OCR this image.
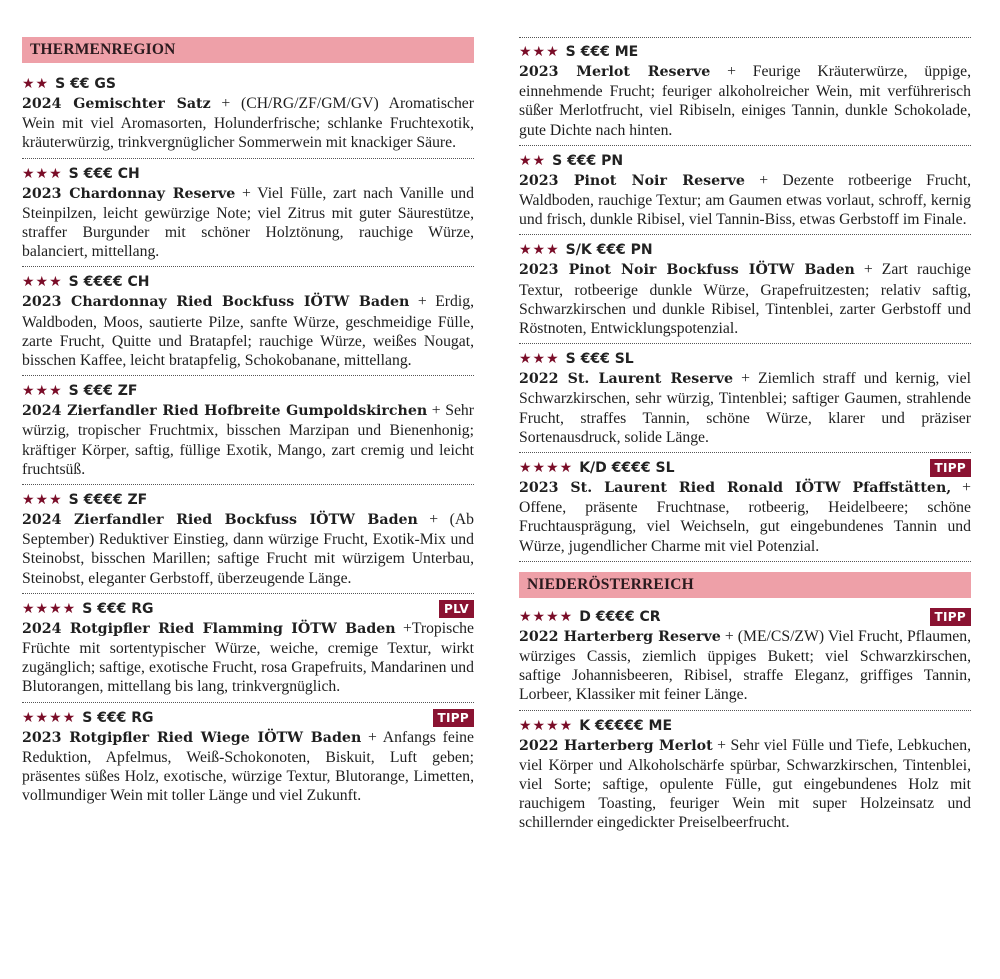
THERMENREGION
★★ S €€ GS
2024 Gemischter Satz + (CH/RG/ZF/GM/GV) Aromatischer Wein mit viel Aromasorten, Holunderfrische; schlanke Fruchtexotik, kräuterwürzig, trinkvergnüglicher Sommerwein mit knackiger Säure.
★★★ S €€€ CH
2023 Chardonnay Reserve + Viel Fülle, zart nach Vanille und Steinpilzen, leicht gewürzige Note; viel Zitrus mit guter Säurestütze, straffer Burgunder mit schöner Holztönung, rauchige Würze, balanciert, mittellang.
★★★ S €€€€ CH
2023 Chardonnay Ried Bockfuss IÖTW Baden + Erdig, Waldboden, Moos, sautierte Pilze, sanfte Würze, geschmeidige Fülle, zarte Frucht, Quitte und Bratapfel; rauchige Würze, weißes Nougat, bisschen Kaffee, leicht bratapfelig, Schokobanane, mittellang.
★★★ S €€€ ZF
2024 Zierfandler Ried Hofbreite Gumpoldskirchen + Sehr würzig, tropischer Fruchtmix, bisschen Marzipan und Bienenhonig; kräftiger Körper, saftig, füllige Exotik, Mango, zart cremig und leicht fruchtsüß.
★★★ S €€€€ ZF
2024 Zierfandler Ried Bockfuss IÖTW Baden + (Ab September) Reduktiver Einstieg, dann würzige Frucht, Exotik-Mix und Steinobst, bisschen Marillen; saftige Frucht mit würzigem Unterbau, Steinobst, eleganter Gerbstoff, überzeugende Länge.
★★★★ S €€€ RG	PLV
2024 Rotgipfler Ried Flamming IÖTW Baden +Tropische Früchte mit sortentypischer Würze, weiche, cremige Textur, wirkt zugänglich; saftige, exotische Frucht, rosa Grapefruits, Mandarinen und Blutorangen, mittellang bis lang, trinkvergnüglich.
★★★★ S €€€ RG	TIPP
2023 Rotgipfler Ried Wiege IÖTW Baden + Anfangs feine Reduktion, Apfelmus, Weiß-Schokonoten, Biskuit, Luft geben; präsentes süßes Holz, exotische, würzige Textur, Blutorange, Limetten, vollmundiger Wein mit toller Länge und viel Zukunft.
★★★ S €€€ ME
2023 Merlot Reserve + Feurige Kräuterwürze, üppige, einnehmende Frucht; feuriger alkoholreicher Wein, mit verführerisch süßer Merlotfrucht, viel Ribiseln, einiges Tannin, dunkle Schokolade, gute Dichte nach hinten.
★★ S €€€ PN
2023 Pinot Noir Reserve + Dezente rotbeerige Frucht, Waldboden, rauchige Textur; am Gaumen etwas vorlaut, schroff, kernig und frisch, dunkle Ribisel, viel Tannin-Biss, etwas Gerbstoff im Finale.
★★★ S/K €€€ PN
2023 Pinot Noir Bockfuss IÖTW Baden + Zart rauchige Textur, rotbeerige dunkle Würze, Grapefruitzesten; relativ saftig, Schwarzkirschen und dunkle Ribisel, Tintenblei, zarter Gerbstoff und Röstnoten, Entwicklungspotenzial.
★★★ S €€€ SL
2022 St. Laurent Reserve + Ziemlich straff und kernig, viel Schwarzkirschen, sehr würzig, Tintenblei; saftiger Gaumen, strahlende Frucht, straffes Tannin, schöne Würze, klarer und präziser Sortenausdruck, solide Länge.
★★★★ K/D €€€€ SL	TIPP
2023 St. Laurent Ried Ronald IÖTW Pfaffstätten, + Offene, präsente Fruchtnase, rotbeerig, Heidelbeere; schöne Fruchtausprägung, viel Weichseln, gut eingebundenes Tannin und Würze, jugendlicher Charme mit viel Potenzial.
NIEDERÖSTERREICH
★★★★ D €€€€ CR	TIPP
2022 Harterberg Reserve + (ME/CS/ZW) Viel Frucht, Pflaumen, würziges Cassis, ziemlich üppiges Bukett; viel Schwarzkirschen, saftige Johannisbeeren, Ribisel, straffe Eleganz, griffiges Tannin, Lorbeer, Klassiker mit feiner Länge.
★★★★ K €€€€€ ME
2022 Harterberg Merlot + Sehr viel Fülle und Tiefe, Lebkuchen, viel Körper und Alkoholschärfe spürbar, Schwarzkirschen, Tintenblei, viel Sorte; saftige, opulente Fülle, gut eingebundenes Holz mit rauchigem Toasting, feuriger Wein mit super Holzeinsatz und schillernder eingedickter Preiselbeerfrucht.
